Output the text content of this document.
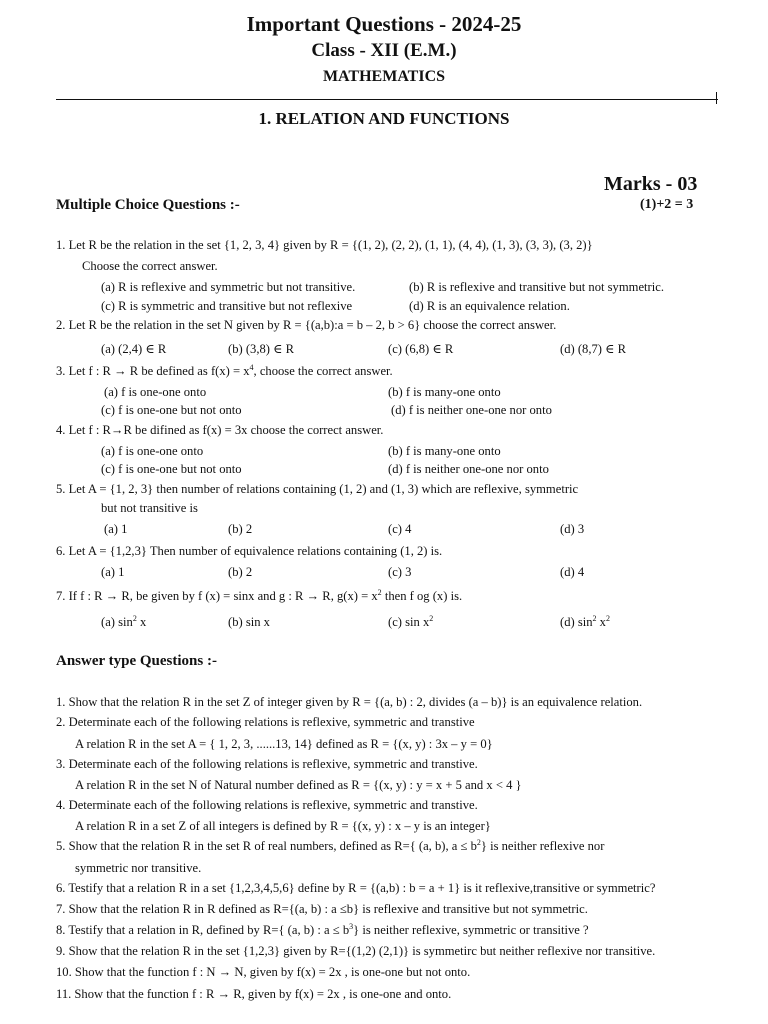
Important Questions - 2024-25
Class - XII (E.M.)
MATHEMATICS
1. RELATION AND FUNCTIONS
Marks - 03
(1)+2 = 3
Multiple Choice Questions :-
1. Let R be the relation in the set {1, 2, 3, 4} given by R = {(1, 2), (2, 2), (1, 1), (4, 4), (1, 3), (3, 3), (3, 2)}
Choose the correct answer.
(a) R is reflexive and symmetric but not transitive.	(b) R is reflexive and transitive but not symmetric.
(c) R is symmetric and transitive but not reflexive	(d) R is an equivalence relation.
2. Let R be the relation in the set N given by R = {(a,b):a = b – 2, b > 6} choose the correct answer.
(a) (2,4) ∈ R	(b) (3,8) ∈ R	(c) (6,8) ∈ R	(d) (8,7) ∈ R
3. Let f : R → R be defined as $f(x) = x^4$, choose the correct answer.
(a) f is one-one onto	(b) f is many-one onto
(c) f is one-one but not onto	(d) f is neither one-one nor onto
4. Let f : R→R be difined as f(x) = 3x choose the correct answer.
(a) f is one-one onto	(b) f is many-one onto
(c) f is one-one but not onto	(d) f is neither one-one nor onto
5. Let A = {1, 2, 3} then number of relations containing (1, 2) and (1, 3) which are reflexive, symmetric
but not transitive is
(a) 1	(b) 2	(c) 4	(d) 3
6. Let A = {1,2,3} Then number of equivalence relations containing (1, 2) is.
(a) 1	(b) 2	(c) 3	(d) 4
7. If f : R → R, be given by f (x) = sinx and g : R → R, $g(x) = x^2$ then f og (x) is.
(a) $\sin^2 x$	(b) sin x	(c) $\sin x^2$	(d) $\sin^2 x^2$
Answer type Questions :-
1. Show that the relation R in the set Z of integer given by R = {(a, b) : 2, divides (a – b)} is an equivalence relation.
2. Determinate each of the following relations is reflexive, symmetric and transtive
A relation R in the set A = { 1, 2, 3, ......13, 14} defined as R = {(x, y) : 3x – y = 0}
3. Determinate each of the following relations is reflexive, symmetric and transtive.
A relation R in the set N of Natural number defined as R = {(x, y) : y = x + 5 and x < 4 }
4. Determinate each of the following relations is reflexive, symmetric and transtive.
A relation R in a set Z of all integers is defined by R = {(x, y) : x – y is an integer}
5. Show that the relation R in the set R of real numbers, defined as R={ (a, b), $a \le b^2$} is neither reflexive nor
symmetric nor transitive.
6. Testify that a relation R in a set {1,2,3,4,5,6} define by R = {(a,b) : b = a + 1} is it reflexive,transitive or symmetric?
7. Show that the relation R in R defined as R={(a, b) : a ≤b} is reflexive and transitive but not symmetric.
8. Testify that a relation in R, defined by R={ (a, b) : $a \le b^3$} is neither reflexive, symmetric or transitive ?
9. Show that the relation R in the set {1,2,3} given by R={(1,2) (2,1)} is symmetirc but neither reflexive nor transitive.
10. Show that the function f : N → N, given by f(x) = 2x , is one-one but not onto.
11. Show that the function f : R → R, given by f(x) = 2x , is one-one and onto.
